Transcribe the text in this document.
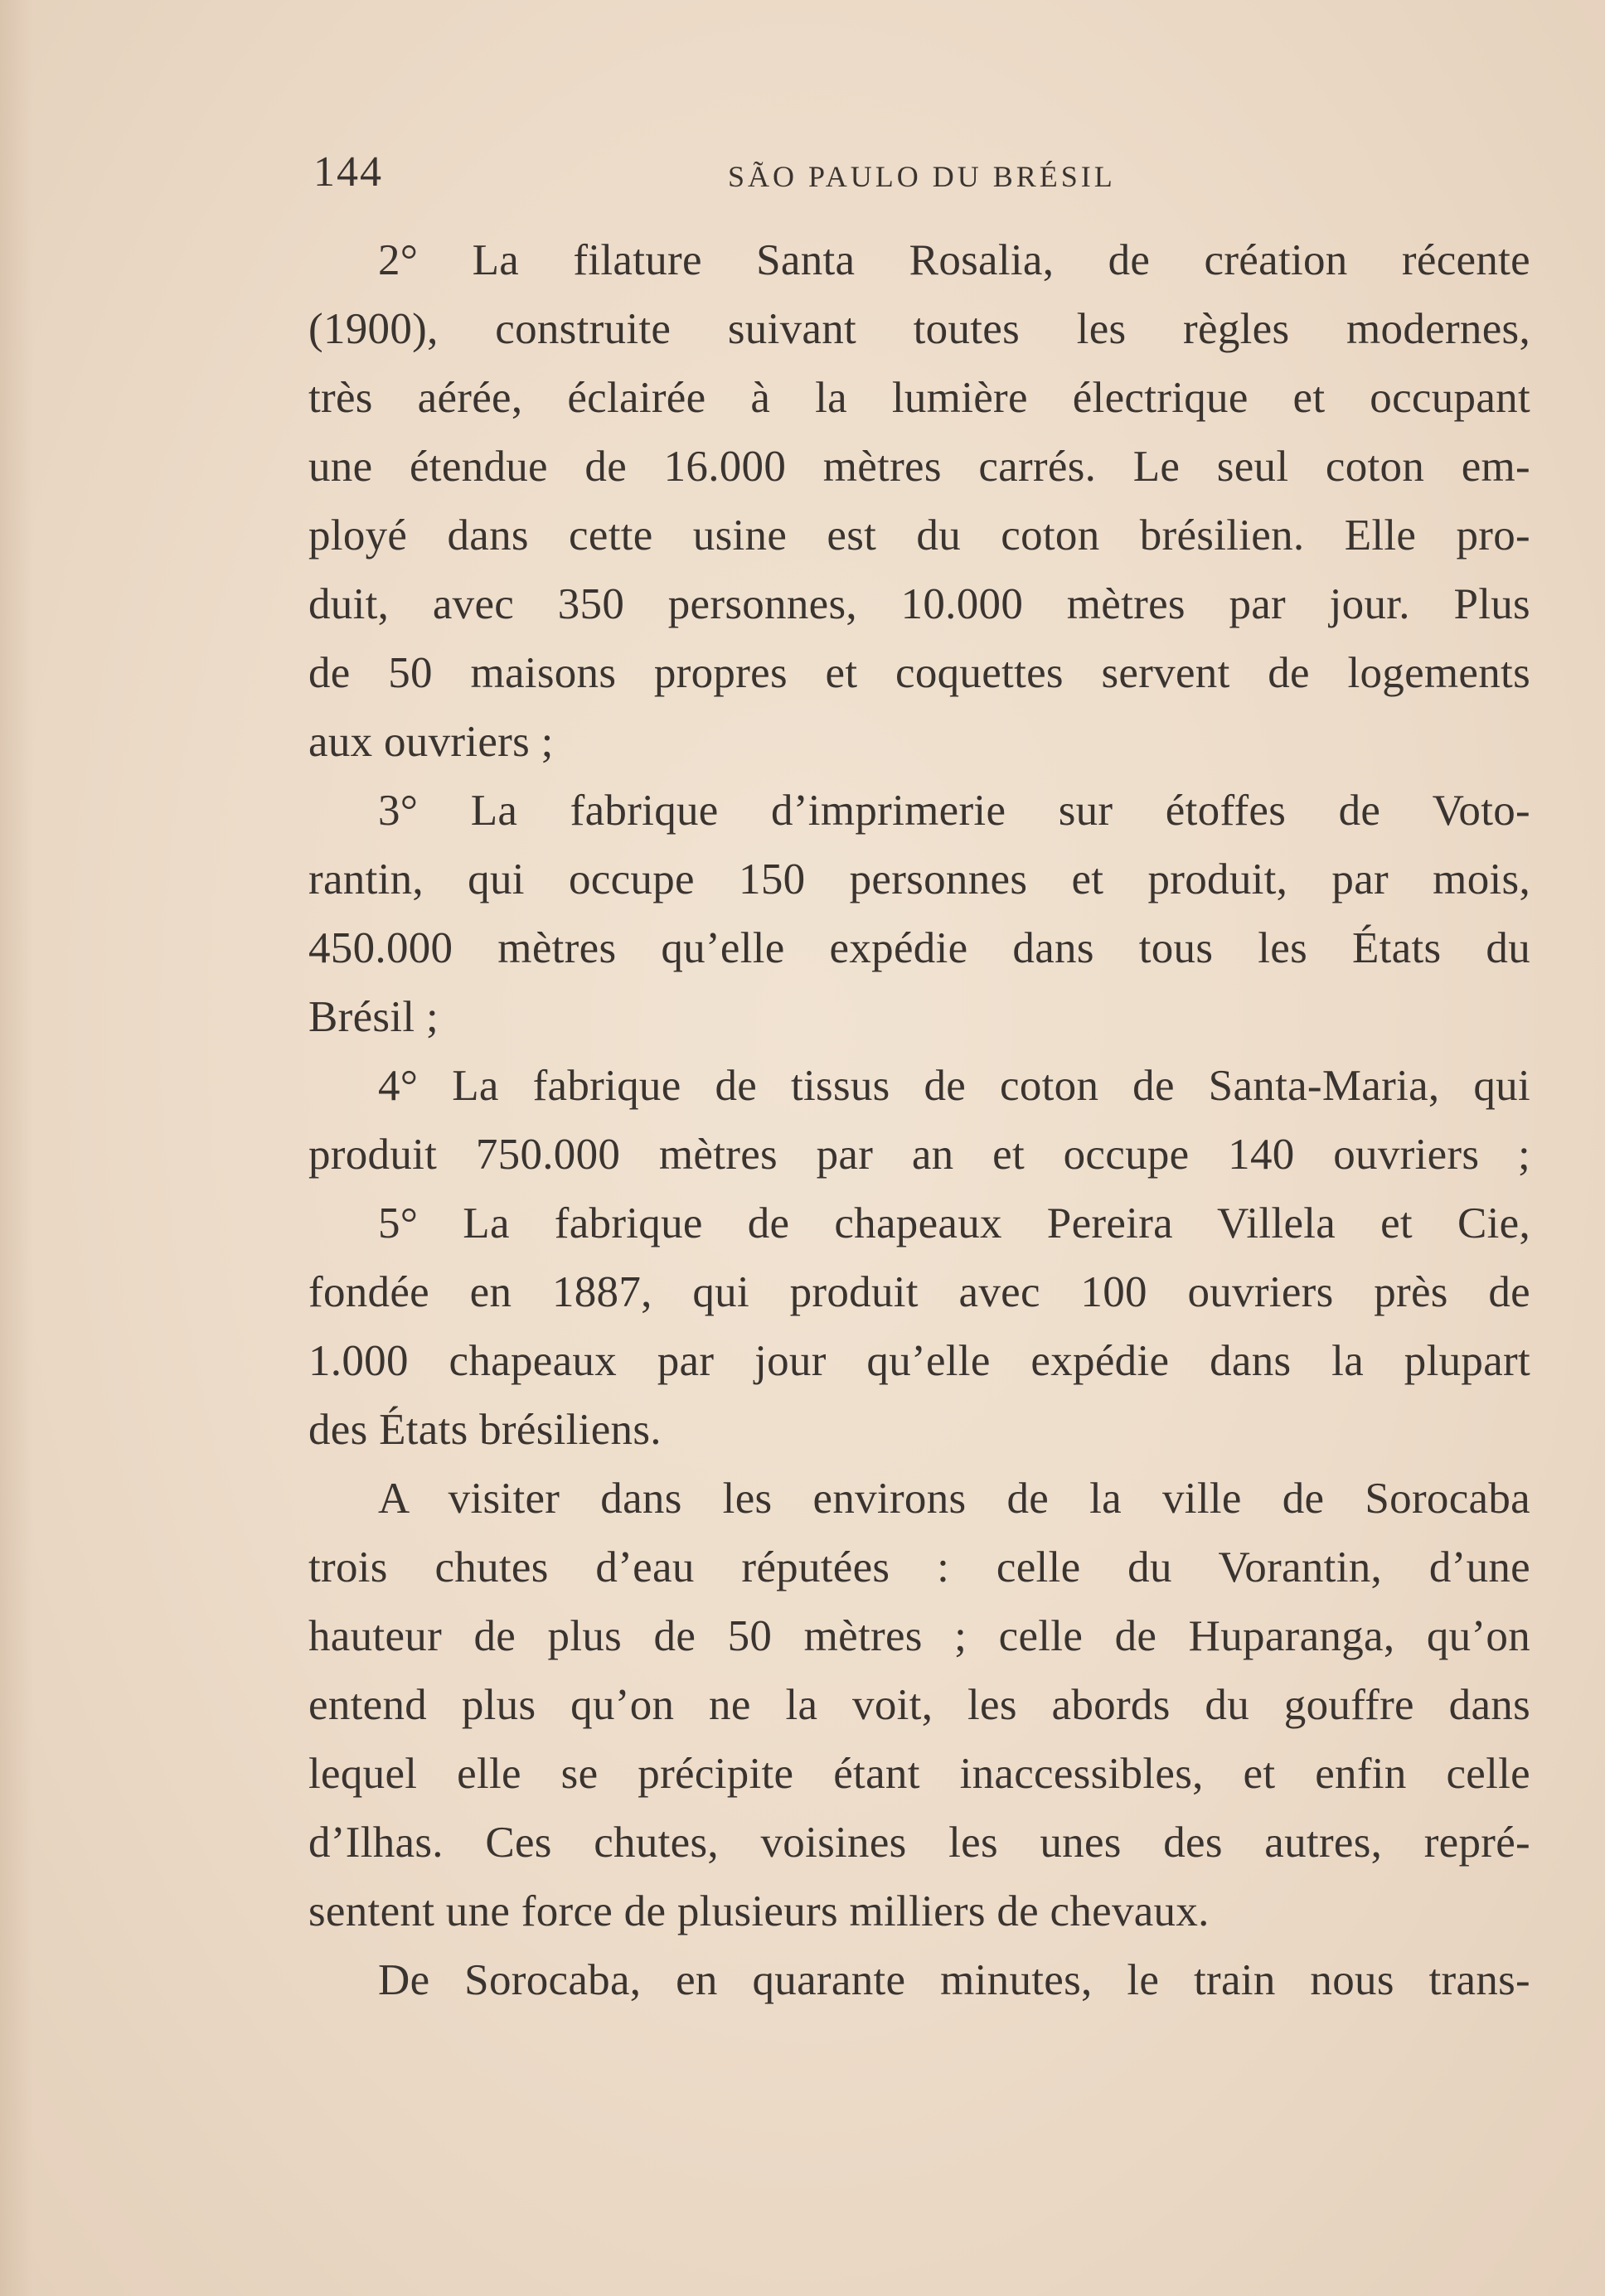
144	SÃO PAULO DU BRÉSIL
2° La filature Santa Rosalia, de création récente
(1900), construite suivant toutes les règles modernes,
très aérée, éclairée à la lumière électrique et occupant
une étendue de 16.000 mètres carrés. Le seul coton em-
ployé dans cette usine est du coton brésilien. Elle pro-
duit, avec 350 personnes, 10.000 mètres par jour. Plus
de 50 maisons propres et coquettes servent de logements
aux ouvriers ;
3° La fabrique d’imprimerie sur étoffes de Voto-
rantin, qui occupe 150 personnes et produit, par mois,
450.000 mètres qu’elle expédie dans tous les États du
Brésil ;
4° La fabrique de tissus de coton de Santa-Maria, qui
produit 750.000 mètres par an et occupe 140 ouvriers ;
5° La fabrique de chapeaux Pereira Villela et Cie,
fondée en 1887, qui produit avec 100 ouvriers près de
1.000 chapeaux par jour qu’elle expédie dans la plupart
des États brésiliens.
A visiter dans les environs de la ville de Sorocaba
trois chutes d’eau réputées : celle du Vorantin, d’une
hauteur de plus de 50 mètres ; celle de Huparanga, qu’on
entend plus qu’on ne la voit, les abords du gouffre dans
lequel elle se précipite étant inaccessibles, et enfin celle
d’Ilhas. Ces chutes, voisines les unes des autres, repré-
sentent une force de plusieurs milliers de chevaux.
De Sorocaba, en quarante minutes, le train nous trans-
